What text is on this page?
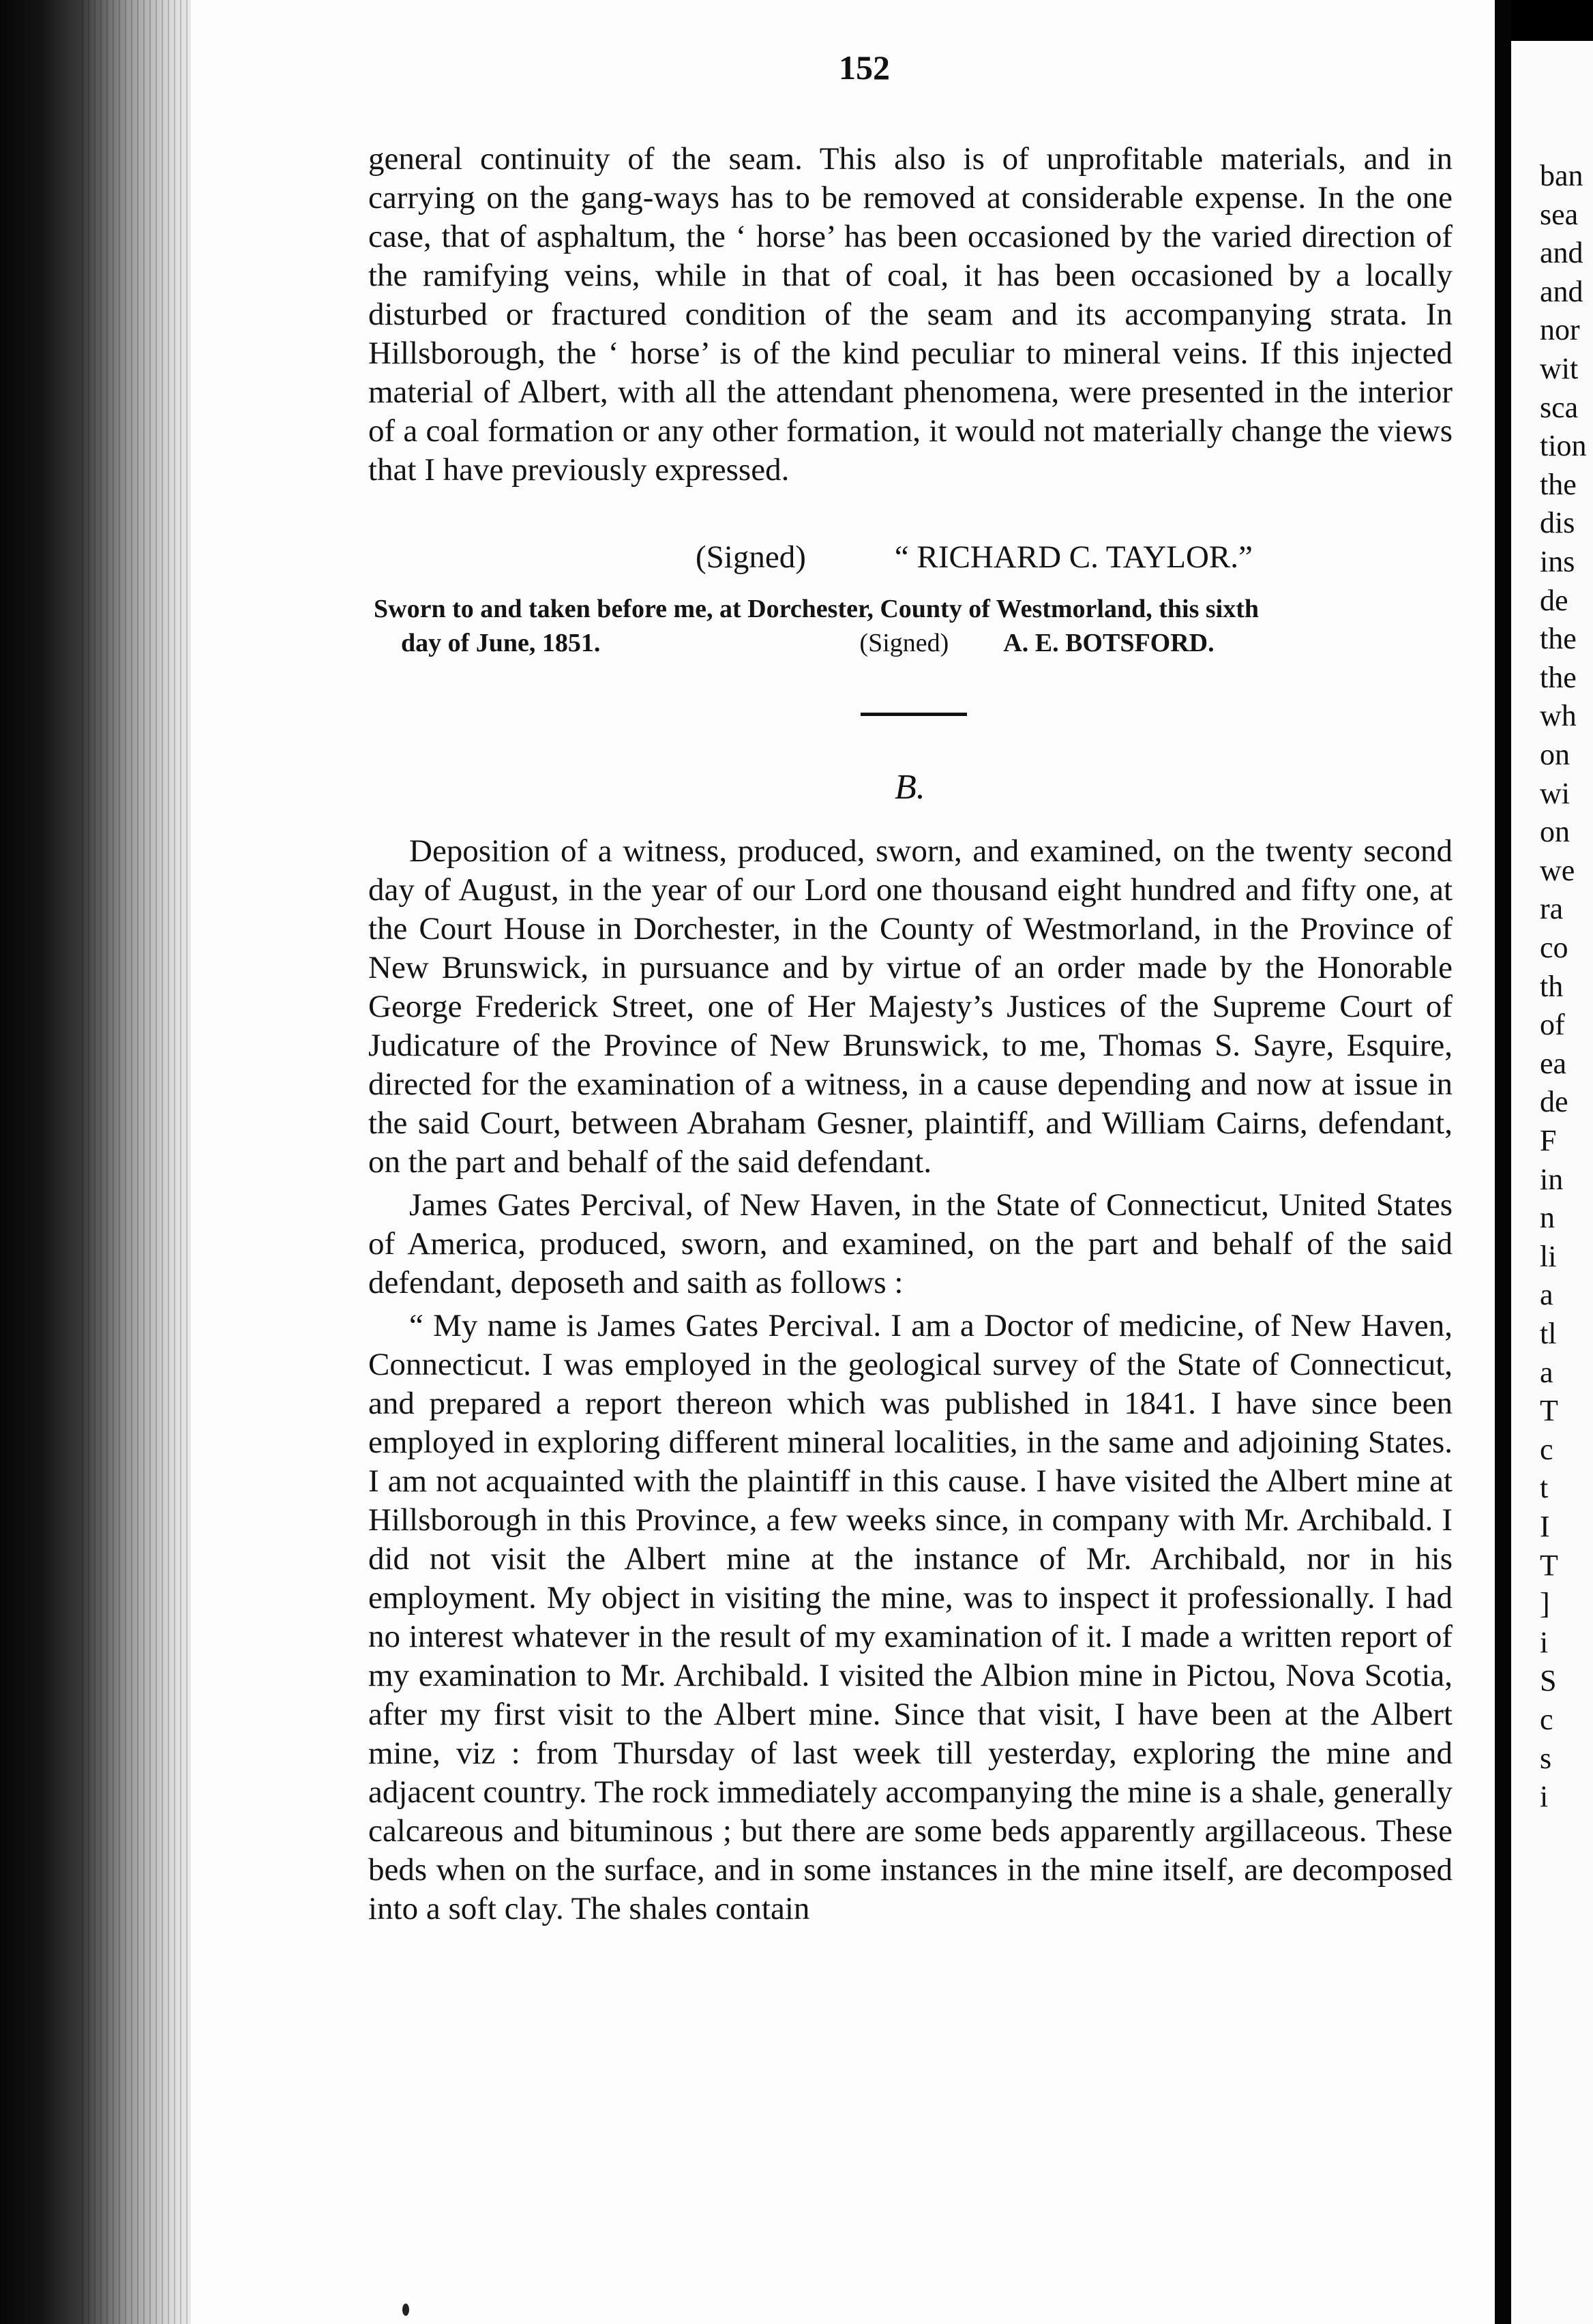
ban
sea
and
and
nor
wit
sca
tion
the
dis
ins
de
the
the
wh
on
wi
on
we
ra
co
th
of
ea
de
F
in
n
li
a
tl
a
T
c
t
I
T
]
i
S
c
s
i
152

general continuity of the seam. This also is of unprofitable materials, and in carrying on the gang-ways has to be removed at considerable expense. In the one case, that of asphaltum, the ‘ horse’ has been occasioned by the varied direction of the ramifying veins, while in that of coal, it has been occasioned by a locally disturbed or fractured condition of the seam and its accompanying strata. In Hillsborough, the ‘ horse’ is of the kind peculiar to mineral veins. If this injected material of Albert, with all the attendant phenomena, were presented in the interior of a coal formation or any other formation, it would not materially change the views that I have previously expressed.

(Signed)	“ RICHARD C. TAYLOR.”
Sworn to and taken before me, at Dorchester, County of Westmorland, this sixth
day of June, 1851.	(Signed) A. E. BOTSFORD.
B.

Deposition of a witness, produced, sworn, and examined, on the twenty second day of August, in the year of our Lord one thousand eight hundred and fifty one, at the Court House in Dorchester, in the County of Westmorland, in the Province of New Brunswick, in pursuance and by virtue of an order made by the Honorable George Frederick Street, one of Her Majesty’s Justices of the Supreme Court of Judicature of the Province of New Brunswick, to me, Thomas S. Sayre, Esquire, directed for the examination of a witness, in a cause depending and now at issue in the said Court, between Abraham Gesner, plaintiff, and William Cairns, defendant, on the part and behalf of the said defendant.

James Gates Percival, of New Haven, in the State of Connecticut, United States of America, produced, sworn, and examined, on the part and behalf of the said defendant, deposeth and saith as follows :

“ My name is James Gates Percival. I am a Doctor of medicine, of New Haven, Connecticut. I was employed in the geological survey of the State of Connecticut, and prepared a report thereon which was published in 1841. I have since been employed in exploring different mineral localities, in the same and adjoining States. I am not acquainted with the plaintiff in this cause. I have visited the Albert mine at Hillsborough in this Province, a few weeks since, in company with Mr. Archibald. I did not visit the Albert mine at the instance of Mr. Archibald, nor in his employment. My object in visiting the mine, was to inspect it professionally. I had no interest whatever in the result of my examination of it. I made a written report of my examination to Mr. Archibald. I visited the Albion mine in Pictou, Nova Scotia, after my first visit to the Albert mine. Since that visit, I have been at the Albert mine, viz : from Thursday of last week till yesterday, exploring the mine and adjacent country. The rock immediately accompanying the mine is a shale, generally calcareous and bituminous ; but there are some beds apparently argillaceous. These beds when on the surface, and in some instances in the mine itself, are decomposed into a soft clay. The shales contain
